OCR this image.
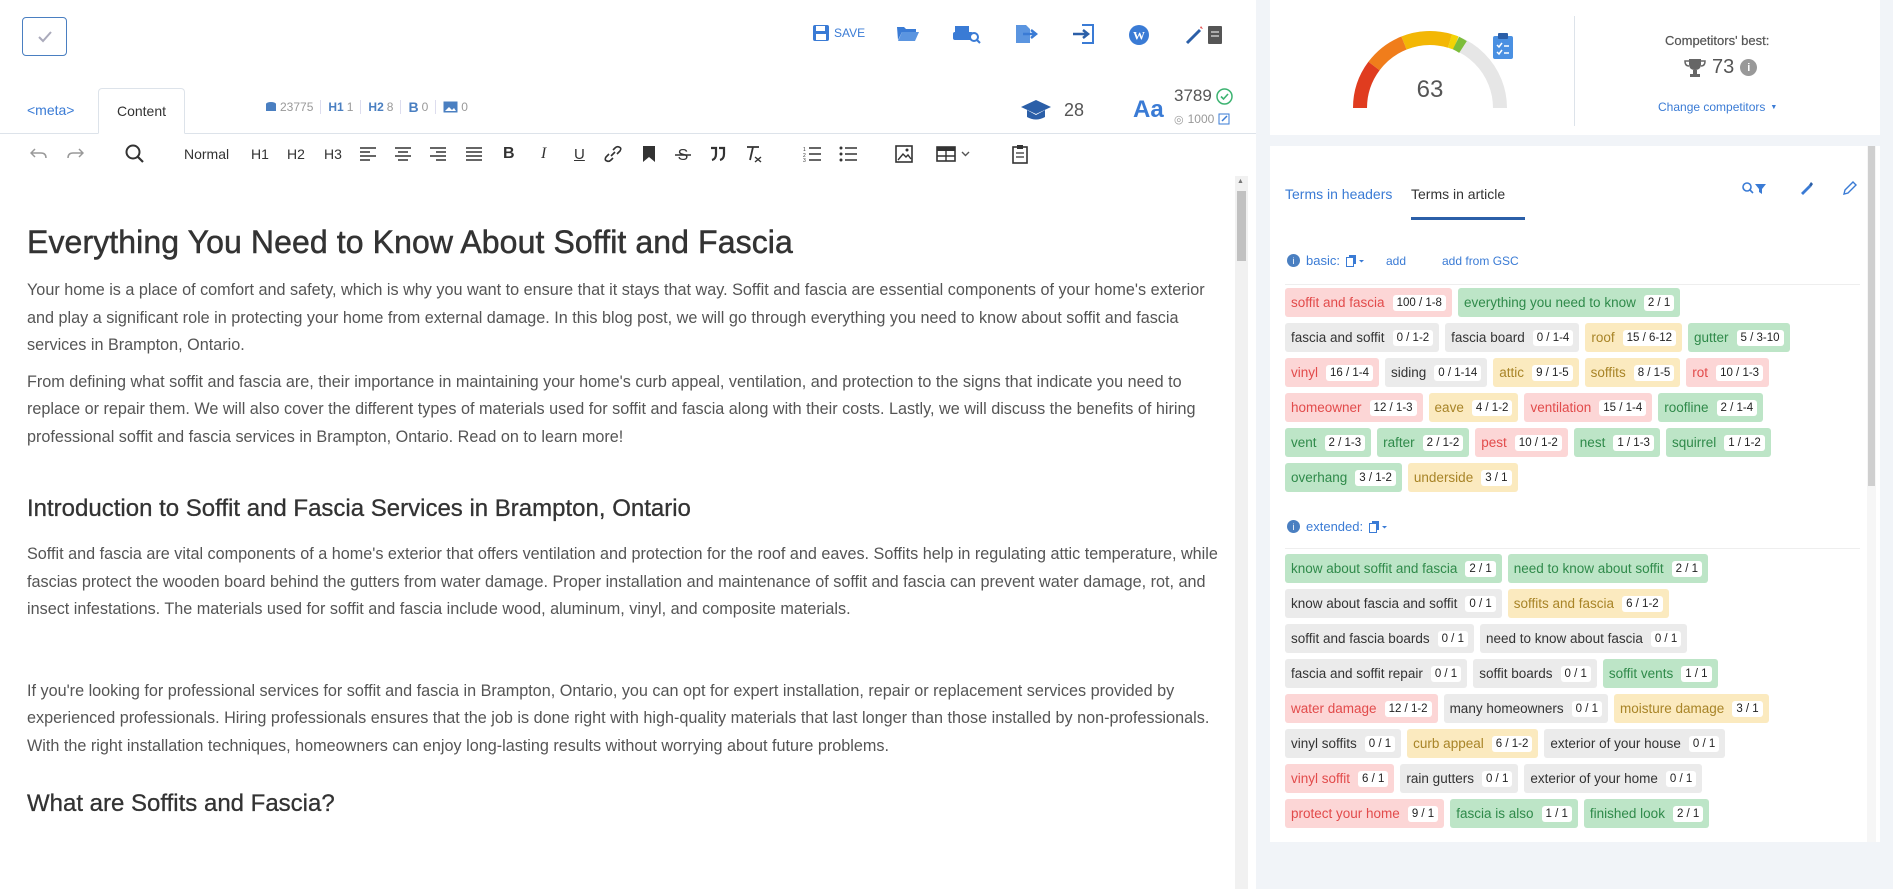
SAVE	W
<meta>	Content	23775 H1 1 H2 8 B 0	0	28 Aa
3789
◎ 1000
Normal H1 H2 H3	B I U	S	1
2
3
Everything You Need to Know About Soffit and Fascia

Your home is a place of comfort and safety, which is why you want to ensure that it stays that way. Soffit and fascia are essential components of your home's exterior and play a significant role in protecting your home from external damage. In this blog post, we will go through everything you need to know about soffit and fascia services in Brampton, Ontario.

From defining what soffit and fascia are, their importance in maintaining your home's curb appeal, ventilation, and protection to the signs that indicate you need to replace or repair them. We will also cover the different types of materials used for soffit and fascia along with their costs. Lastly, we will discuss the benefits of hiring professional soffit and fascia services in Brampton, Ontario. Read on to learn more!

Introduction to Soffit and Fascia Services in Brampton, Ontario

Soffit and fascia are vital components of a home's exterior that offers ventilation and protection for the roof and eaves. Soffits help in regulating attic temperature, while fascias protect the wooden board behind the gutters from water damage. Proper installation and maintenance of soffit and fascia can prevent water damage, rot, and insect infestations. The materials used for soffit and fascia include wood, aluminum, vinyl, and composite materials.

If you're looking for professional services for soffit and fascia in Brampton, Ontario, you can opt for expert installation, repair or replacement services provided by experienced professionals. Hiring professionals ensures that the job is done right with high-quality materials that last longer than those installed by non-professionals. With the right installation techniques, homeowners can enjoy long-lasting results without worrying about future problems.

What are Soffits and Fascia?
▲
63
Competitors' best:
73	i
Change competitors ▼
Terms in headers Terms in article
i basic:	add	add from GSC
soffit and fascia	100 / 1-8 everything you need to know	2 / 1
fascia and soffit	0 / 1-2 fascia board	0 / 1-4 roof	15 / 6-12 gutter	5 / 3-10
vinyl	16 / 1-4 siding	0 / 1-14 attic	9 / 1-5 soffits	8 / 1-5 rot	10 / 1-3
homeowner	12 / 1-3 eave	4 / 1-2 ventilation	15 / 1-4 roofline	2 / 1-4
vent	2 / 1-3 rafter	2 / 1-2 pest	10 / 1-2 nest	1 / 1-3 squirrel	1 / 1-2
overhang	3 / 1-2 underside	3 / 1
i extended:
know about soffit and fascia	2 / 1 need to know about soffit	2 / 1
know about fascia and soffit	0 / 1 soffits and fascia	6 / 1-2
soffit and fascia boards	0 / 1 need to know about fascia	0 / 1
fascia and soffit repair	0 / 1 soffit boards	0 / 1 soffit vents	1 / 1
water damage	12 / 1-2 many homeowners	0 / 1 moisture damage	3 / 1
vinyl soffits	0 / 1 curb appeal	6 / 1-2 exterior of your house	0 / 1
vinyl soffit	6 / 1 rain gutters	0 / 1 exterior of your home	0 / 1
protect your home	9 / 1 fascia is also	1 / 1 finished look	2 / 1
